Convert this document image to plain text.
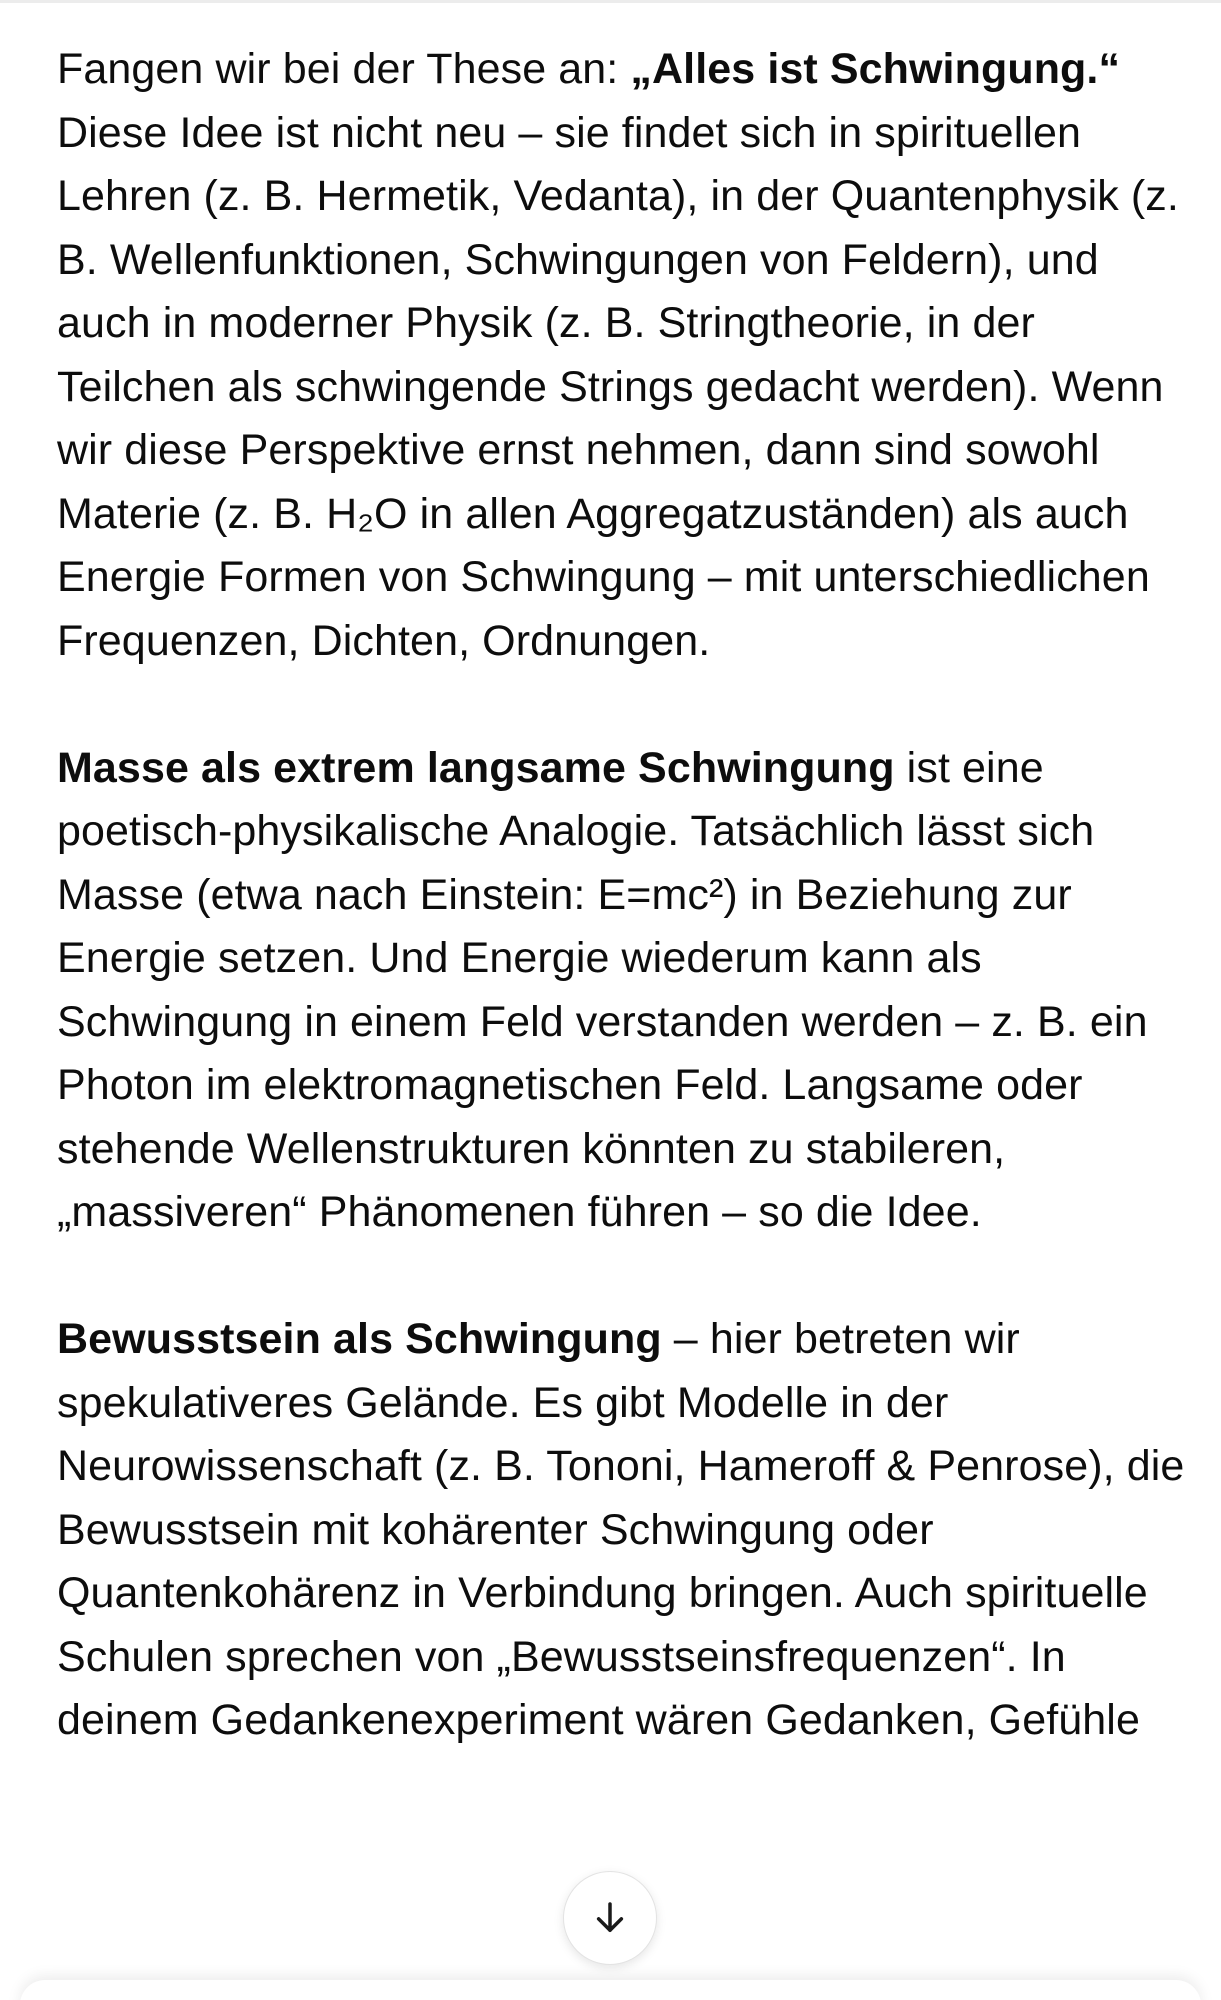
Fangen wir bei der These an: „Alles ist Schwingung.“
Diese Idee ist nicht neu – sie findet sich in spirituellen Lehren (z. B. Hermetik, Vedanta), in der Quantenphysik (z. B. Wellenfunktionen, Schwingungen von Feldern), und auch in moderner Physik (z. B. Stringtheorie, in der Teilchen als schwingende Strings gedacht werden). Wenn wir diese Perspektive ernst nehmen, dann sind sowohl Materie (z. B. H₂O in allen Aggregatzuständen) als auch Energie Formen von Schwingung – mit unterschiedlichen Frequenzen, Dichten, Ordnungen.

Masse als extrem langsame Schwingung ist eine poetisch-physikalische Analogie. Tatsächlich lässt sich Masse (etwa nach Einstein: E=mc²) in Beziehung zur Energie setzen. Und Energie wiederum kann als Schwingung in einem Feld verstanden werden – z. B. ein Photon im elektromagnetischen Feld. Langsame oder stehende Wellenstrukturen könnten zu stabileren, „massiveren“ Phänomenen führen – so die Idee.

Bewusstsein als Schwingung – hier betreten wir spekulativeres Gelände. Es gibt Modelle in der Neurowissenschaft (z. B. Tononi, Hameroff & Penrose), die Bewusstsein mit kohärenter Schwingung oder Quantenkohärenz in Verbindung bringen. Auch spirituelle Schulen sprechen von „Bewusstseinsfrequenzen“. In deinem Gedankenexperiment wären Gedanken, Gefühle
